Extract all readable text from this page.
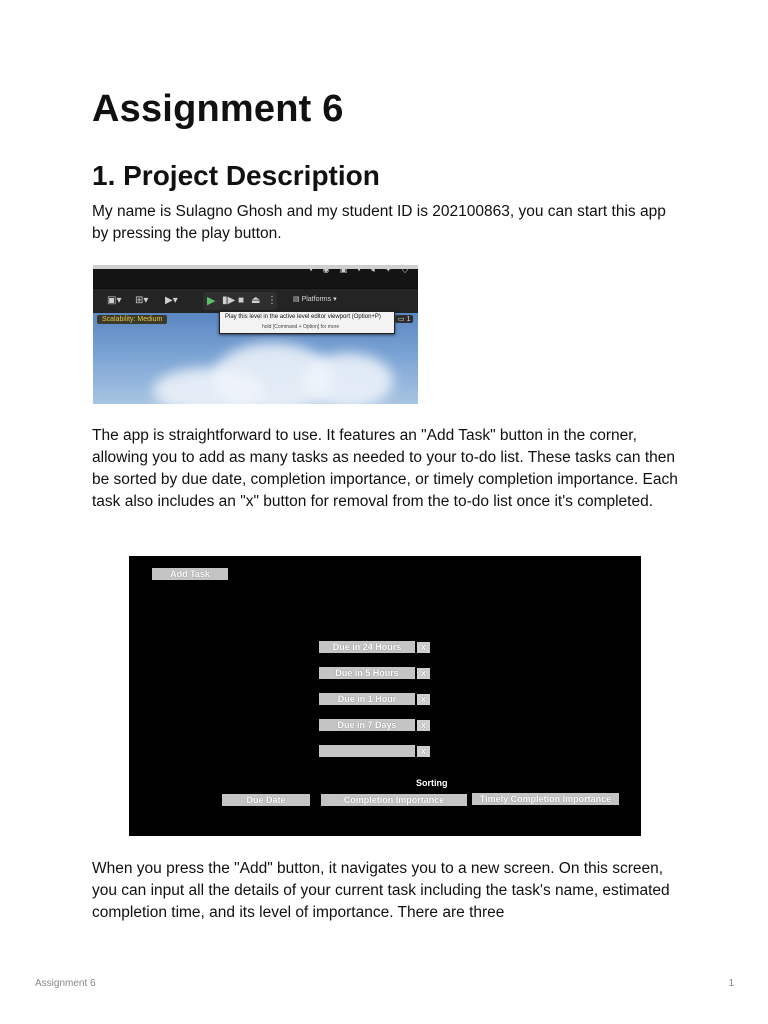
Assignment 6
1. Project Description

My name is Sulagno Ghosh and my student ID is 202100863, you can start this app by pressing the play button.

▪ ◉ ▣ ▪ ◂ ✦ ◇
▣▾ ⊞▾ ▶▾	▶ ▮▶ ■ ⏏ ⋮ ▤ Platforms ▾
Scalability: Medium	Play this level in the active level editor viewport (Option+P)
hold [Command + Option] for more
▭ 1

The app is straightforward to use. It features an "Add Task" button in the corner, allowing you to add as many tasks as needed to your to-do list. These tasks can then be sorted by due date, completion importance, or timely completion importance. Each task also includes an "x" button for removal from the to-do list once it's completed.

Add Task
Due in 24 Hours	x
Due in 5 Hours	x
Due in 1 Hour	x
Due in 7 Days	x
x
Sorting
Due Date	Completion Importance	Timely Completion Importance

When you press the "Add" button, it navigates you to a new screen. On this screen, you can input all the details of your current task including the task's name, estimated completion time, and its level of importance. There are three

Assignment 6	1
